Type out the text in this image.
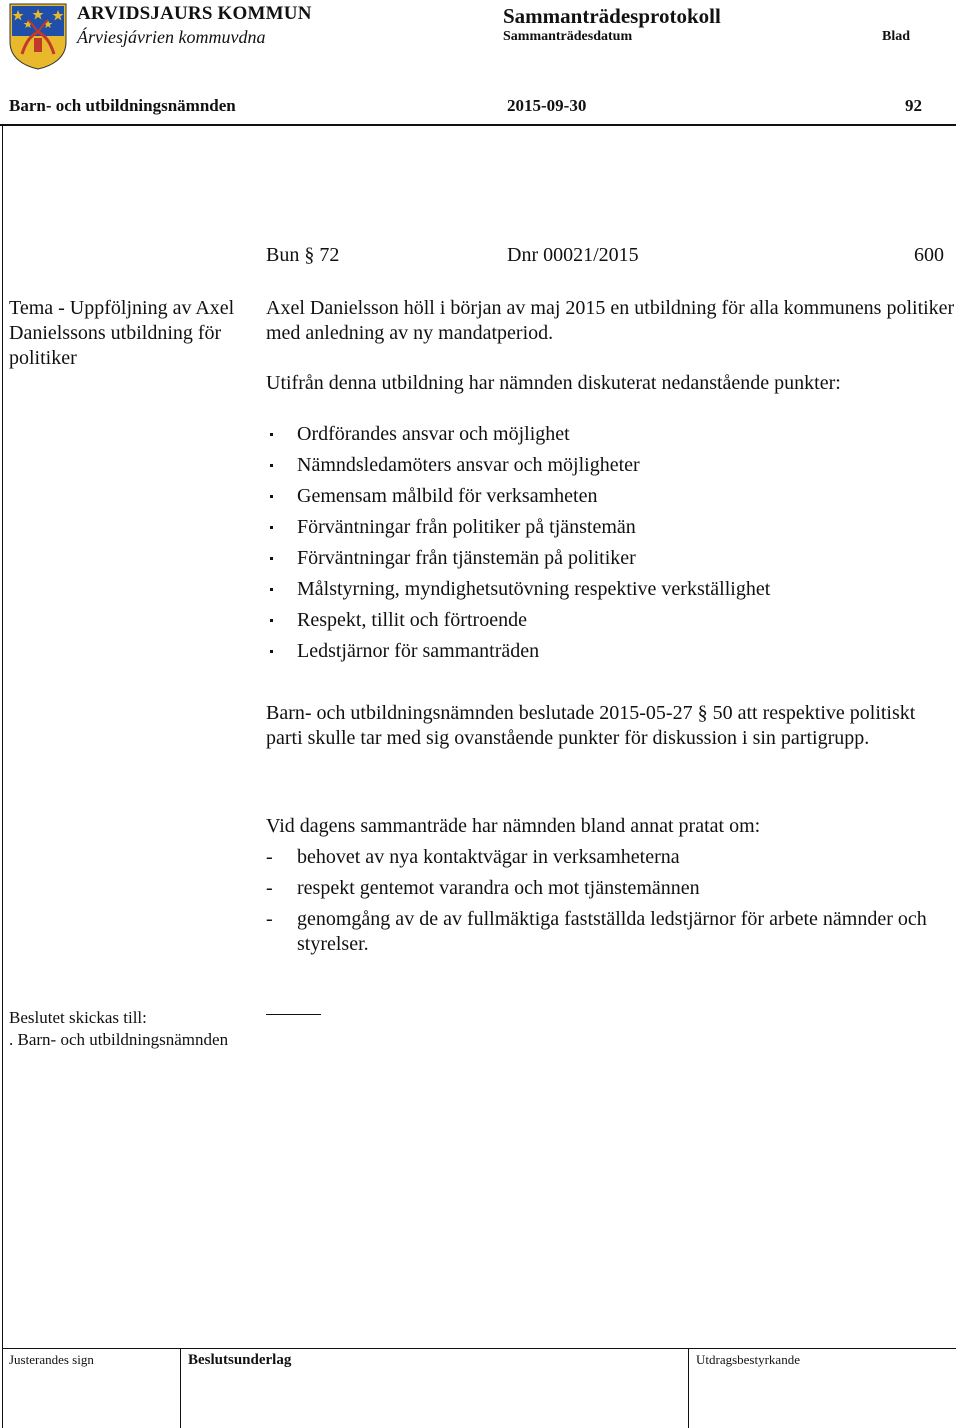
ARVIDSJAURS KOMMUN
Árviesjávrien kommuvdna
Sammanträdesprotokoll
Sammanträdesdatum	Blad
Barn- och utbildningsnämnden	2015-09-30	92
Bun § 72	Dnr 00021/2015	600
Tema - Uppföljning av Axel Danielssons utbildning för politiker
Axel Danielsson höll i början av maj 2015 en utbildning för alla kommunens politiker med anledning av ny mandatperiod.
Utifrån denna utbildning har nämnden diskuterat nedanstående punkter:
Ordförandes ansvar och möjlighet
Nämndsledamöters ansvar och möjligheter
Gemensam målbild för verksamheten
Förväntningar från politiker på tjänstemän
Förväntningar från tjänstemän på politiker
Målstyrning, myndighetsutövning respektive verkställighet
Respekt, tillit och förtroende
Ledstjärnor för sammanträden
Barn- och utbildningsnämnden beslutade 2015-05-27 § 50 att respektive politiskt parti skulle tar med sig ovanstående punkter för diskussion i sin partigrupp.
Vid dagens sammanträde har nämnden bland annat pratat om:
- behovet av nya kontaktvägar in verksamheterna
- respekt gentemot varandra och mot tjänstemännen
- genomgång av de av fullmäktiga fastställda ledstjärnor för arbete nämnder och styrelser.
Beslutet skickas till:
. Barn- och utbildningsnämnden
Justerandes sign	Beslutsunderlag	Utdragsbestyrkande
